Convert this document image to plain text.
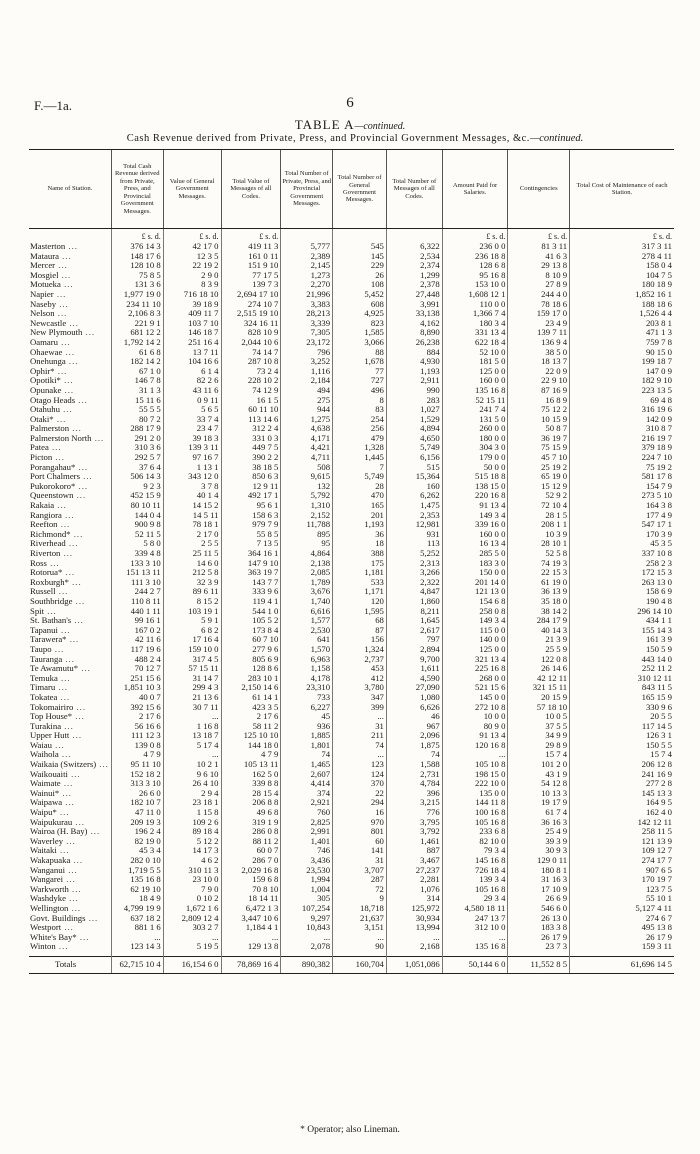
F.—1a.	6
TABLE A—continued.
Cash Revenue derived from Private, Press, and Provincial Government Messages, &c.—continued.
Name of Station.	Total Cash Revenue derived from Private, Press, and Provincial Government Messages.	Value of General Government Messages.	Total Value of Messages of all Codes.	Total Number of Private, Press, and Provincial Government Messages.	Total Number of General Government Messages.	Total Number of Messages of all Codes.	Amount Paid for Salaries.	Contingencies	Total Cost of Maintenance of each Station.
	£ s. d.	£ s. d.	£ s. d.				£ s. d.	£ s. d.	£ s. d.
Masterton ...	376 14 3	42 17 0	419 11 3	5,777	545	6,322	236 0 0	81 3 11	317 3 11
Mataura ...	148 17 6	12 3 5	161 0 11	2,389	145	2,534	236 18 8	41 6 3	278 4 11
Mercer ...	128 10 8	22 19 2	151 9 10	2,145	229	2,374	128 6 8	29 13 8	158 0 4
Mosgiel ...	75 8 5	2 9 0	77 17 5	1,273	26	1,299	95 16 8	8 10 9	104 7 5
Motueka ...	131 3 6	8 3 9	139 7 3	2,270	108	2,378	153 10 0	27 8 9	180 18 9
Napier ...	1,977 19 0	716 18 10	2,694 17 10	21,996	5,452	27,448	1,608 12 1	244 4 0	1,852 16 1
Naseby ...	234 11 10	39 18 9	274 10 7	3,383	608	3,991	110 0 0	78 18 6	188 18 6
Nelson ...	2,106 8 3	409 11 7	2,515 19 10	28,213	4,925	33,138	1,366 7 4	159 17 0	1,526 4 4
Newcastle ...	221 9 1	103 7 10	324 16 11	3,339	823	4,162	180 3 4	23 4 9	203 8 1
New Plymouth ...	681 12 2	146 18 7	828 10 9	7,305	1,585	8,890	331 13 4	139 7 11	471 1 3
Oamaru ...	1,792 14 2	251 16 4	2,044 10 6	23,172	3,066	26,238	622 18 4	136 9 4	759 7 8
Ohaewae ...	61 6 8	13 7 11	74 14 7	796	88	884	52 10 0	38 5 0	90 15 0
Onehunga ...	182 14 2	104 16 6	287 10 8	3,252	1,678	4,930	181 5 0	18 13 7	199 18 7
Ophir* ...	67 1 0	6 1 4	73 2 4	1,116	77	1,193	125 0 0	22 0 9	147 0 9
Opotiki* ...	146 7 8	82 2 6	228 10 2	2,184	727	2,911	160 0 0	22 9 10	182 9 10
Opunake ...	31 1 3	43 11 6	74 12 9	494	496	990	135 16 8	87 16 9	223 13 5
Otago Heads ...	15 11 6	0 9 11	16 1 5	275	8	283	52 15 11	16 8 9	69 4 8
Otahuhu ...	55 5 5	5 6 5	60 11 10	944	83	1,027	241 7 4	75 12 2	316 19 6
Otaki* ...	80 7 2	33 7 4	113 14 6	1,275	254	1,529	131 5 0	10 15 9	142 0 9
Palmerston ...	288 17 9	23 4 7	312 2 4	4,638	256	4,894	260 0 0	50 8 7	310 8 7
Palmerston North ...	291 2 0	39 18 3	331 0 3	4,171	479	4,650	180 0 0	36 19 7	216 19 7
Patea ...	310 3 6	139 3 11	449 7 5	4,421	1,328	5,749	304 3 0	75 15 9	379 18 9
Picton ...	292 5 7	97 16 7	390 2 2	4,711	1,445	6,156	179 0 0	45 7 10	224 7 10
Porangahau* ...	37 6 4	1 13 1	38 18 5	508	7	515	50 0 0	25 19 2	75 19 2
Port Chalmers ...	506 14 3	343 12 0	850 6 3	9,615	5,749	15,364	515 18 8	65 19 0	581 17 8
Pukorokoro* ...	9 2 3	3 7 8	12 9 11	132	28	160	138 15 0	15 12 9	154 7 9
Queenstown ...	452 15 9	40 1 4	492 17 1	5,792	470	6,262	220 16 8	52 9 2	273 5 10
Rakaia ...	80 10 11	14 15 2	95 6 1	1,310	165	1,475	91 13 4	72 10 4	164 3 8
Rangiora ...	144 0 4	14 5 11	158 6 3	2,152	201	2,353	149 3 4	28 1 5	177 4 9
Reefton ...	900 9 8	78 18 1	979 7 9	11,788	1,193	12,981	339 16 0	208 1 1	547 17 1
Richmond* ...	52 11 5	2 17 0	55 8 5	895	36	931	160 0 0	10 3 9	170 3 9
Riverhead ...	5 8 0	2 5 5	7 13 5	95	18	113	16 13 4	28 10 1	45 3 5
Riverton ...	339 4 8	25 11 5	364 16 1	4,864	388	5,252	285 5 0	52 5 8	337 10 8
Ross ...	133 3 10	14 6 0	147 9 10	2,138	175	2,313	183 3 0	74 19 3	258 2 3
Rotorua* ...	151 13 11	212 5 8	363 19 7	2,085	1,181	3,266	150 0 0	22 15 3	172 15 3
Roxburgh* ...	111 3 10	32 3 9	143 7 7	1,789	533	2,322	201 14 0	61 19 0	263 13 0
Russell ...	244 2 7	89 6 11	333 9 6	3,676	1,171	4,847	121 13 0	36 13 9	158 6 9
Southbridge ...	110 8 11	8 15 2	119 4 1	1,740	120	1,860	154 6 8	35 18 0	190 4 8
Spit ...	440 1 11	103 19 1	544 1 0	6,616	1,595	8,211	258 0 8	38 14 2	296 14 10
St. Bathan's ...	99 16 1	5 9 1	105 5 2	1,577	68	1,645	149 3 4	284 17 9	434 1 1
Tapanui ...	167 0 2	6 8 2	173 8 4	2,530	87	2,617	115 0 0	40 14 3	155 14 3
Tarawera* ...	42 11 6	17 16 4	60 7 10	641	156	797	140 0 0	21 3 9	161 3 9
Taupo ...	117 19 6	159 10 0	277 9 6	1,570	1,324	2,894	125 0 0	25 5 9	150 5 9
Tauranga ...	488 2 4	317 4 5	805 6 9	6,963	2,737	9,700	321 13 4	122 0 8	443 14 0
Te Awamutu* ...	70 12 7	57 15 11	128 8 6	1,158	453	1,611	225 16 8	26 14 6	252 11 2
Temuka ...	251 15 6	31 14 7	283 10 1	4,178	412	4,590	268 0 0	42 12 11	310 12 11
Timaru ...	1,851 10 3	299 4 3	2,150 14 6	23,310	3,780	27,090	521 15 6	321 15 11	843 11 5
Tokatea ...	40 0 7	21 13 6	61 14 1	733	347	1,080	145 0 0	20 15 9	165 15 9
Tokomairiro ...	392 15 6	30 7 11	423 3 5	6,227	399	6,626	272 10 8	57 18 10	330 9 6
Top House* ...	2 17 6	...	2 17 6	45	...	46	10 0 0	10 0 5	20 5 5
Turakina ...	56 16 6	1 16 8	58 11 2	936	31	967	80 9 0	37 5 5	117 14 5
Upper Hutt ...	111 12 3	13 18 7	125 10 10	1,885	211	2,096	91 13 4	34 9 9	126 3 1
Waiau ...	139 0 8	5 17 4	144 18 0	1,801	74	1,875	120 16 8	29 8 9	150 5 5
Waihola ...	4 7 9	...	4 7 9	74	...	74	...	15 7 4	15 7 4
Waikaia (Switzers) ...	95 11 10	10 2 1	105 13 11	1,465	123	1,588	105 10 8	101 2 0	206 12 8
Waikouaiti ...	152 18 2	9 6 10	162 5 0	2,607	124	2,731	198 15 0	43 1 9	241 16 9
Waimate ...	313 3 10	26 4 10	339 8 8	4,414	370	4,784	222 10 0	54 12 8	277 2 8
Wainui* ...	26 6 0	2 9 4	28 15 4	374	22	396	135 0 0	10 13 3	145 13 3
Waipawa ...	182 10 7	23 18 1	206 8 8	2,921	294	3,215	144 11 8	19 17 9	164 9 5
Waipu* ...	47 11 0	1 15 8	49 6 8	760	16	776	100 16 8	61 7 4	162 4 0
Waipukurau ...	209 19 3	109 2 6	319 1 9	2,825	970	3,795	105 16 8	36 16 3	142 12 11
Wairoa (H. Bay) ...	196 2 4	89 18 4	286 0 8	2,991	801	3,792	233 6 8	25 4 9	258 11 5
Waverley ...	82 19 0	5 12 2	88 11 2	1,401	60	1,461	82 10 0	39 3 9	121 13 9
Waitaki ...	45 3 4	14 17 3	60 0 7	746	141	887	79 3 4	30 9 3	109 12 7
Wakapuaka ...	282 0 10	4 6 2	286 7 0	3,436	31	3,467	145 16 8	129 0 11	274 17 7
Wanganui ...	1,719 5 5	310 11 3	2,029 16 8	23,530	3,707	27,237	726 18 4	180 8 1	907 6 5
Wangarei ...	135 16 8	23 10 0	159 6 8	1,994	287	2,281	139 3 4	31 16 3	170 19 7
Warkworth ...	62 19 10	7 9 0	70 8 10	1,004	72	1,076	105 16 8	17 10 9	123 7 5
Washdyke ...	18 4 9	0 10 2	18 14 11	305	9	314	29 3 4	26 6 9	55 10 1
Wellington ...	4,799 19 9	1,672 1 6	6,472 1 3	107,254	18,718	125,972	4,580 18 11	546 6 0	5,127 4 11
Govt. Buildings ...	637 18 2	2,809 12 4	3,447 10 6	9,297	21,637	30,934	247 13 7	26 13 0	274 6 7
Westport ...	881 1 6	303 2 7	1,184 4 1	10,843	3,151	13,994	312 10 0	183 3 8	495 13 8
White's Bay* ...	...	...	...	...	...	...	...	26 17 9	26 17 9
Winton ...	123 14 3	5 19 5	129 13 8	2,078	90	2,168	135 16 8	23 7 3	159 3 11

Totals	62,715 10 4	16,154 6 0	78,869 16 4	890,382	160,704	1,051,086	50,144 6 0	11,552 8 5	61,696 14 5
* Operator; also Lineman.
